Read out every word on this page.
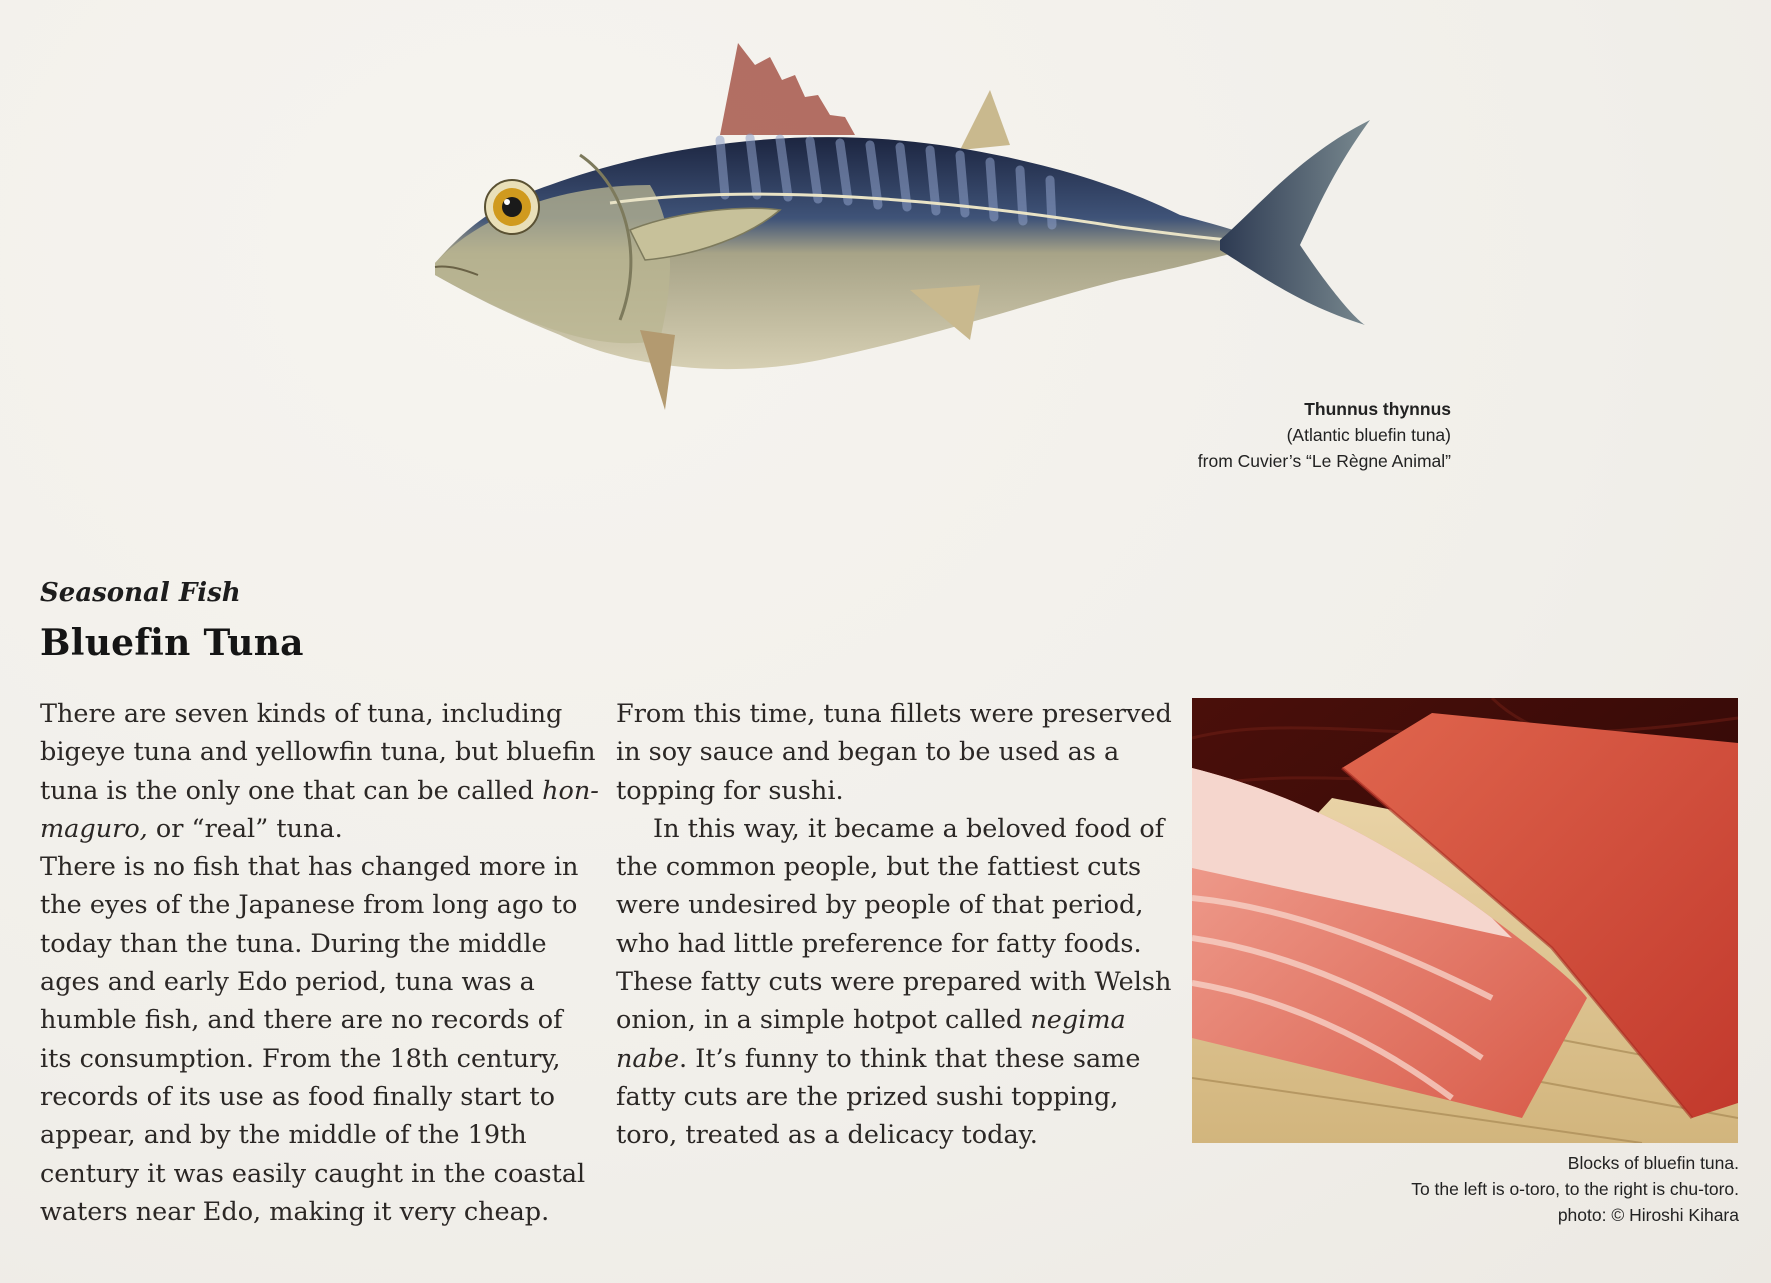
Thunnus thynnus
(Atlantic bluefin tuna)
from Cuvier’s “Le Règne Animal”
Seasonal Fish
Bluefin Tuna

There are seven kinds of tuna, including bigeye tuna and yellowfin tuna, but bluefin tuna is the only one that can be called hon-maguro, or “real” tuna.

There is no fish that has changed more in the eyes of the Japanese from long ago to today than the tuna. During the middle ages and early Edo period, tuna was a humble fish, and there are no records of its consumption. From the 18th century, records of its use as food finally start to appear, and by the middle of the 19th century it was easily caught in the coastal waters near Edo, making it very cheap.

From this time, tuna fillets were preserved in soy sauce and began to be used as a topping for sushi.

In this way, it became a beloved food of the common people, but the fattiest cuts were undesired by people of that period, who had little preference for fatty foods. These fatty cuts were prepared with Welsh onion, in a simple hotpot called negima nabe. It’s funny to think that these same fatty cuts are the prized sushi topping, toro, treated as a delicacy today.

Blocks of bluefin tuna.
To the left is o-toro, to the right is chu-toro.
photo: © Hiroshi Kihara
